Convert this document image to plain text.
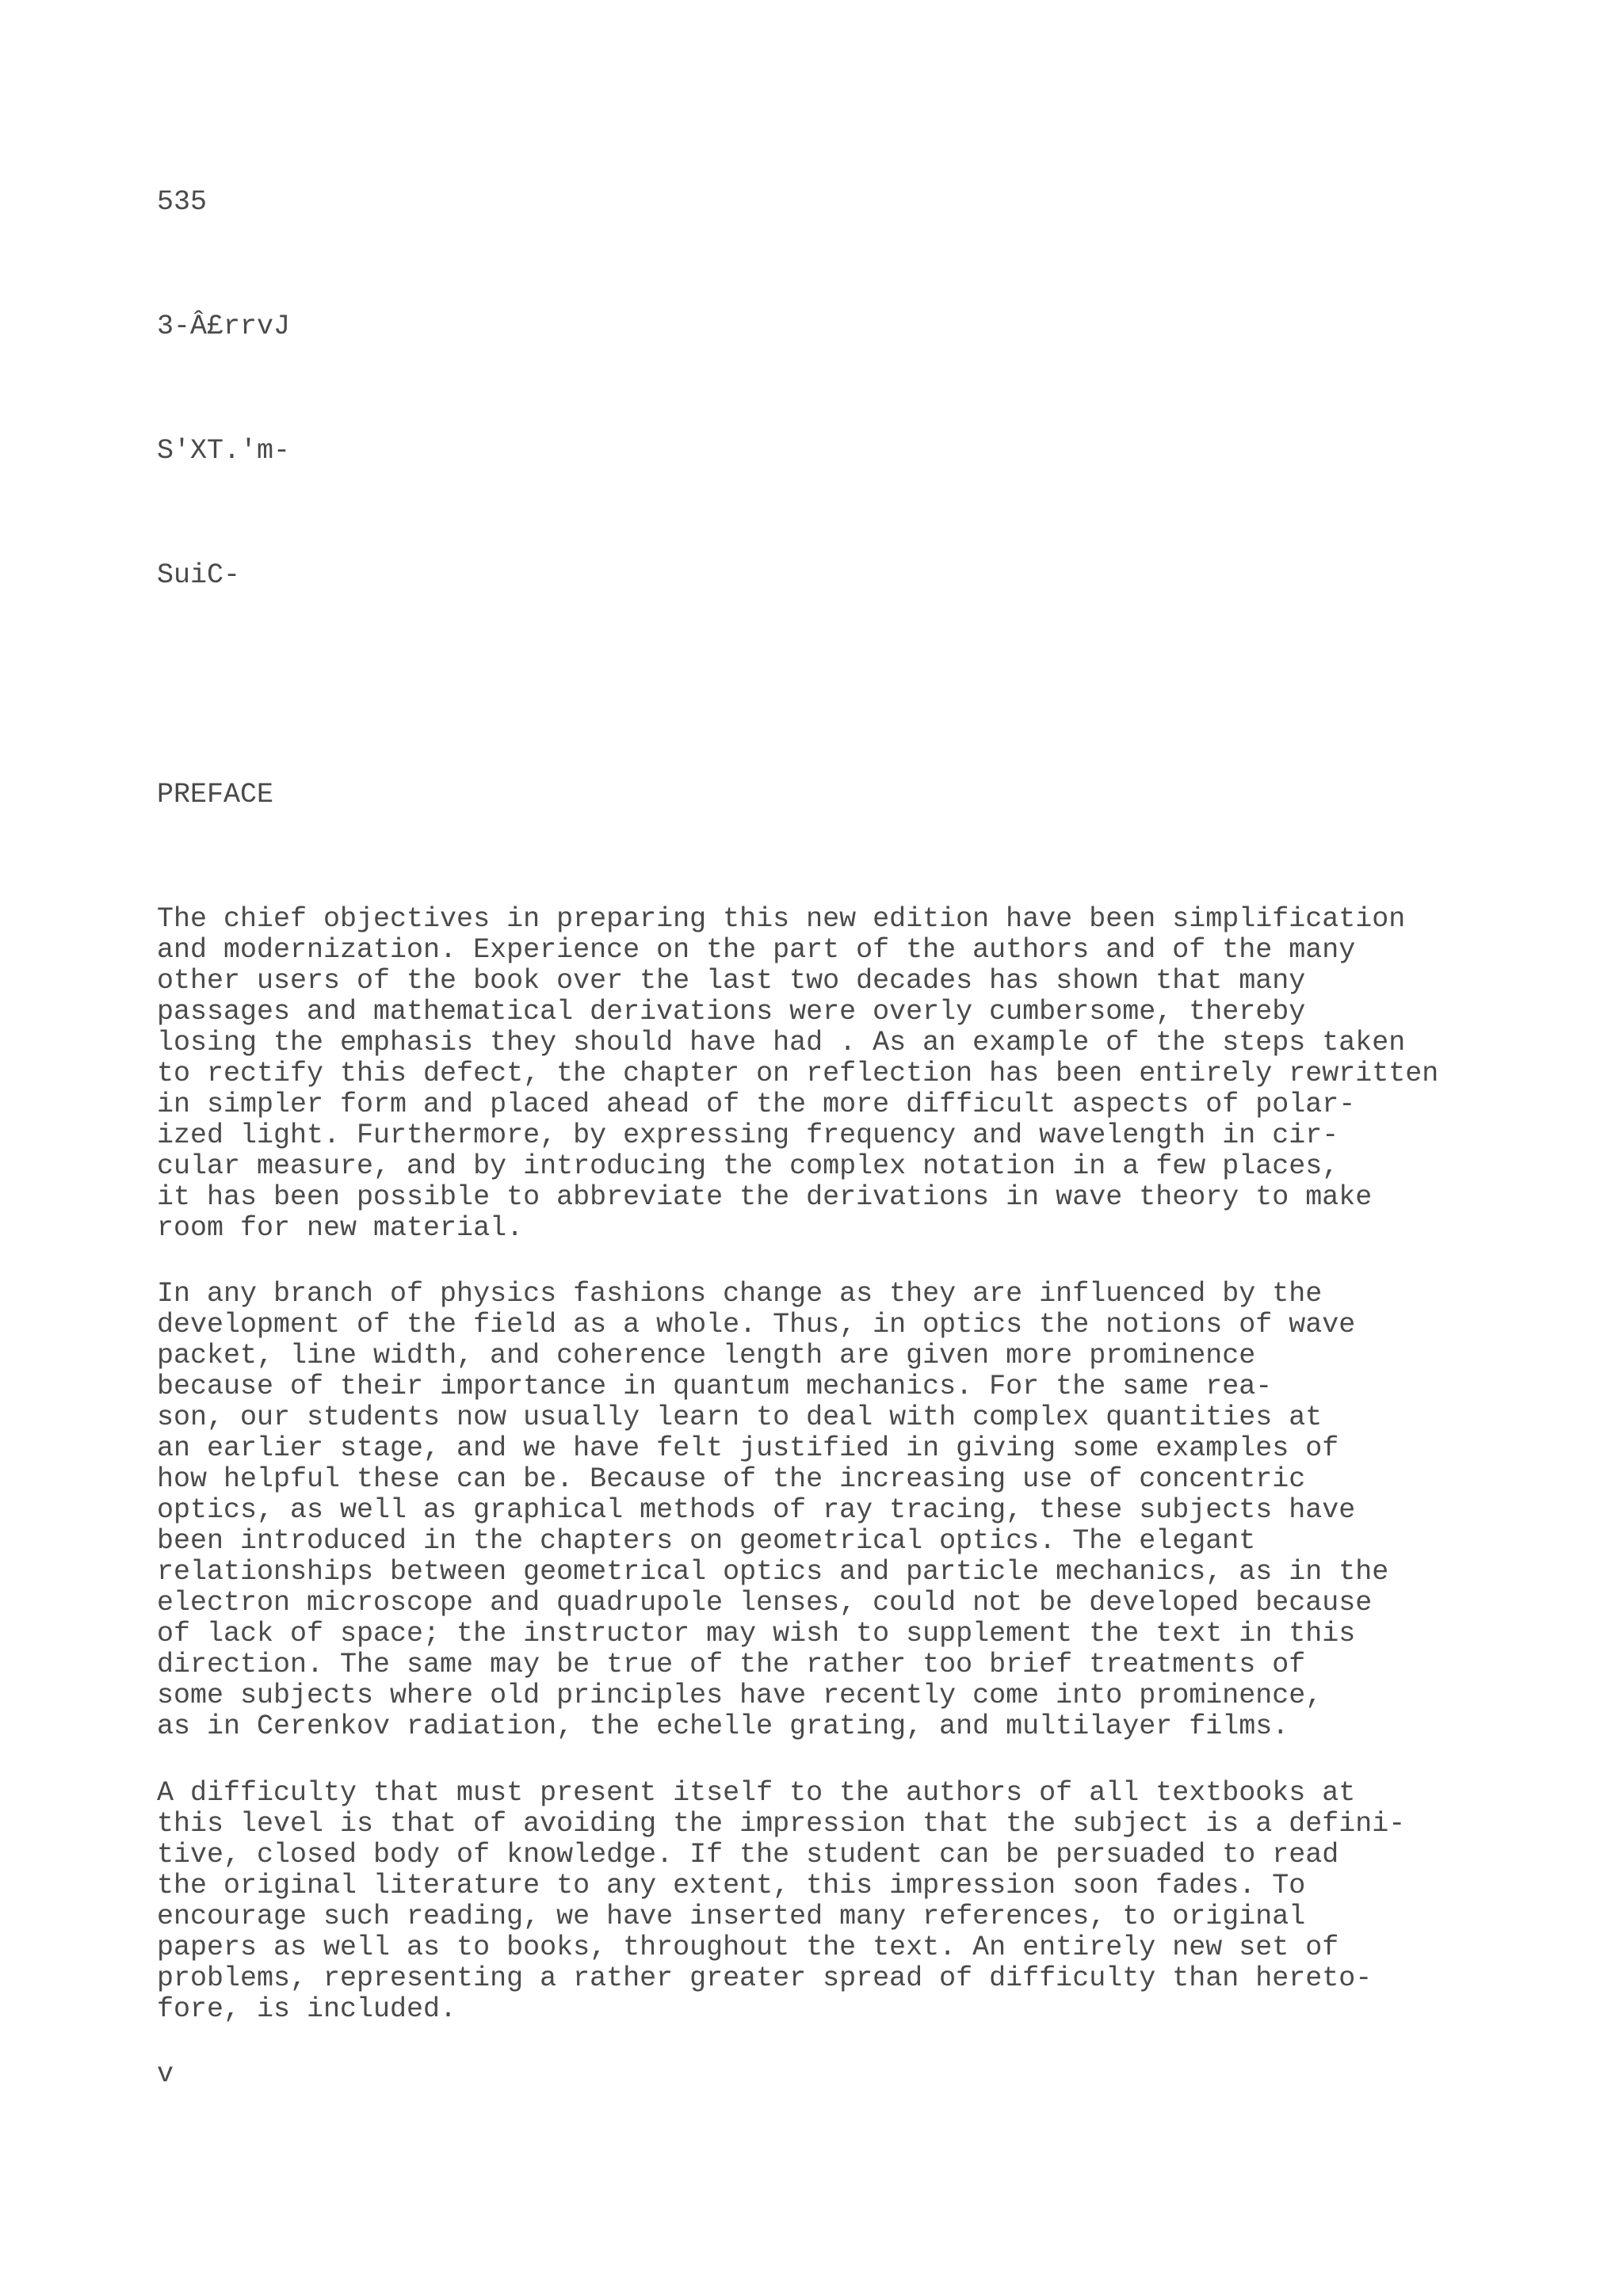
535

3-Â£rrvJ

S'XT.'m-

SuiC-

PREFACE

The chief objectives in preparing this new edition have been simplification
and modernization. Experience on the part of the authors and of the many
other users of the book over the last two decades has shown that many
passages and mathematical derivations were overly cumbersome, thereby
losing the emphasis they should have had . As an example of the steps taken
to rectify this defect, the chapter on reflection has been entirely rewritten
in simpler form and placed ahead of the more difficult aspects of polar-
ized light. Furthermore, by expressing frequency and wavelength in cir-
cular measure, and by introducing the complex notation in a few places,
it has been possible to abbreviate the derivations in wave theory to make
room for new material.

In any branch of physics fashions change as they are influenced by the
development of the field as a whole. Thus, in optics the notions of wave
packet, line width, and coherence length are given more prominence
because of their importance in quantum mechanics. For the same rea-
son, our students now usually learn to deal with complex quantities at
an earlier stage, and we have felt justified in giving some examples of
how helpful these can be. Because of the increasing use of concentric
optics, as well as graphical methods of ray tracing, these subjects have
been introduced in the chapters on geometrical optics. The elegant
relationships between geometrical optics and particle mechanics, as in the
electron microscope and quadrupole lenses, could not be developed because
of lack of space; the instructor may wish to supplement the text in this
direction. The same may be true of the rather too brief treatments of
some subjects where old principles have recently come into prominence,
as in Cerenkov radiation, the echelle grating, and multilayer films.

A difficulty that must present itself to the authors of all textbooks at
this level is that of avoiding the impression that the subject is a defini-
tive, closed body of knowledge. If the student can be persuaded to read
the original literature to any extent, this impression soon fades. To
encourage such reading, we have inserted many references, to original
papers as well as to books, throughout the text. An entirely new set of
problems, representing a rather greater spread of difficulty than hereto-
fore, is included.

v
